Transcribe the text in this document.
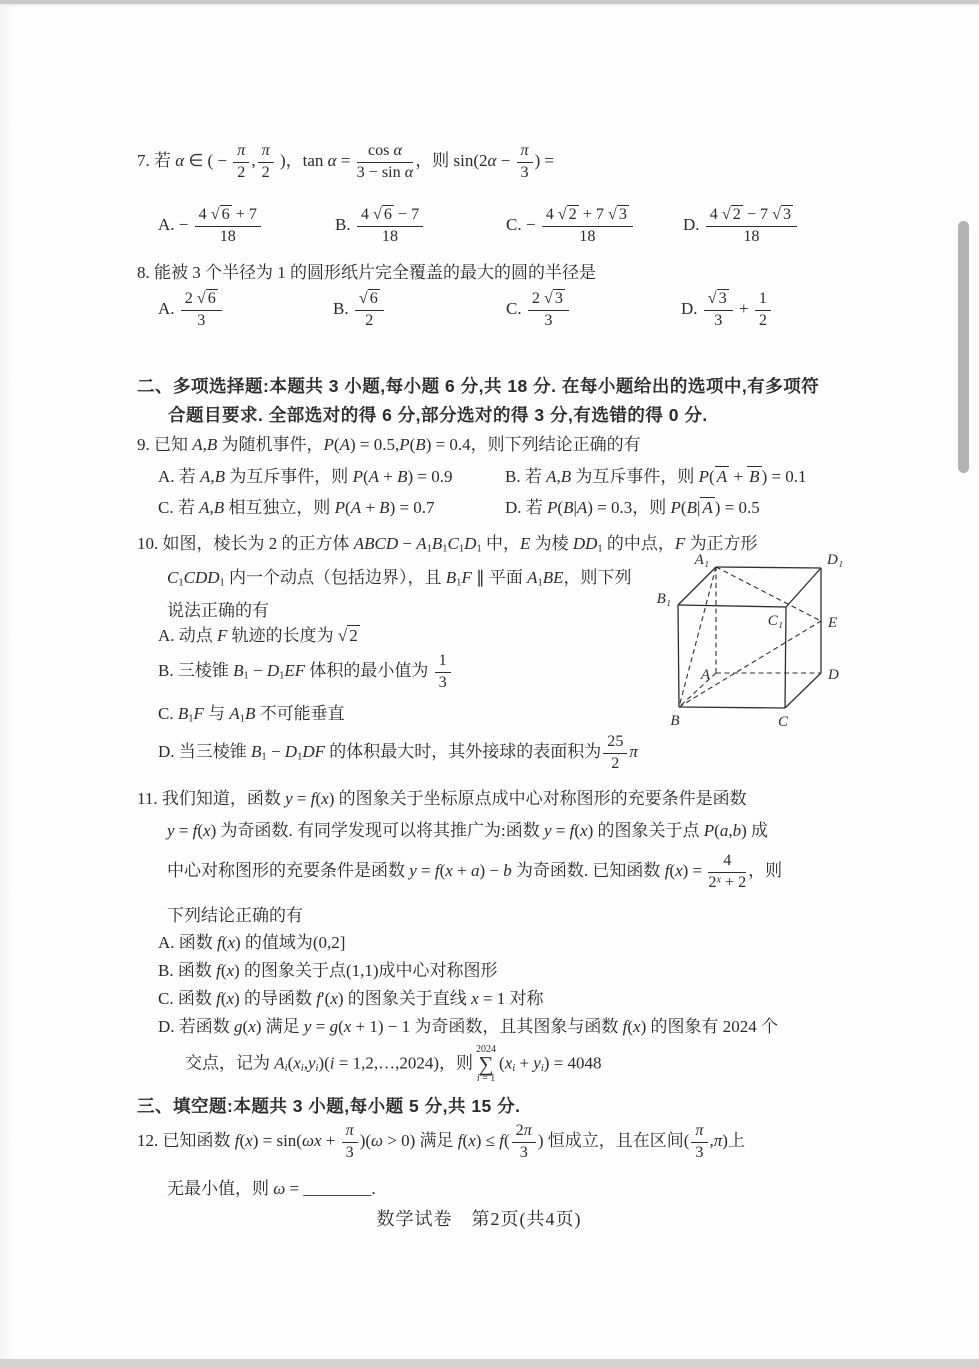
7. 若 α ∈ ( − $\frac{\pi}{2}$ , $\frac{\pi}{2}$ )，$\tan \alpha = \frac{\text{cos α}}{\text{3 − sin α}}$ ，则 $\sin(2\alpha - \frac{\pi}{3}$ ) =
A. − $\frac{4 √ 6 + 7}{18}$	B. $\frac{4 √ 6 - 7}{18}$	C. − $\frac{4 √ 2 + 7 √ 3}{18}$	D. $\frac{4 √ 2 - 7 √ 3}{18}$
8. 能被 3 个半径为 1 的圆形纸片完全覆盖的最大的圆的半径是
A. $\frac{2 √ 6}{3}$	B. $\frac{√ 6}{2}$	C. $\frac{2 √ 3}{3}$	D. $\frac{√ 3}{3} + \frac{1}{2}$
二、多项选择题:本题共 3 小题,每小题 6 分,共 18 分. 在每小题给出的选项中,有多项符
合题目要求. 全部选对的得 6 分,部分选对的得 3 分,有选错的得 0 分.
9. 已知 A,B 为随机事件，P(A) = 0.5,P(B) = 0.4，则下列结论正确的有
A. 若 A,B 为互斥事件，则 P(A + B) = 0.9	B. 若 A,B 为互斥事件，则 P( A + B ) = 0.1
C. 若 A,B 相互独立，则 P(A + B) = 0.7	D. 若 P(B|A) = 0.3，则 P(B| A ) = 0.5
10. 如图，棱长为 2 的正方体 ABCD − $A_1B_1C_1D_1$ 中，E 为棱 $DD_1$ 的中点，F 为正方形
$C_1CDD_1$ 内一个动点（包括边界），且 $B_1F$ ∥ 平面 $A_1BE$，则下列
说法正确的有
A. 动点 F 轨迹的长度为 √ 2
B. 三棱锥 $B_1 - D_1EF$ 体积的最小值为 $\frac{1}{3}$
C. $B_1F$ 与 $A_1B$ 不可能垂直
D. 当三棱锥 $B_1 - D_1DF$ 的体积最大时，其外接球的表面积为 $\frac{25}{2}$ π
A₁	D₁
B₁
C₁	E
A	D
B	C
11. 我们知道，函数 y = f(x) 的图象关于坐标原点成中心对称图形的充要条件是函数
y = f(x) 为奇函数. 有同学发现可以将其推广为:函数 y = f(x) 的图象关于点 P(a,b) 成
中心对称图形的充要条件是函数 y = f(x + a) − b 为奇函数. 已知函数 $f(x) = \frac{4}{2^x + 2}$ ，则
下列结论正确的有
A. 函数 f(x) 的值域为(0,2]
B. 函数 f(x) 的图象关于点(1,1)成中心对称图形
C. 函数 f(x) 的导函数 f′(x) 的图象关于直线 x = 1 对称
D. 若函数 g(x) 满足 y = g(x + 1) − 1 为奇函数，且其图象与函数 f(x) 的图象有 2024 个
交点，记为 $A_i(x_i,y_i)(i$ = 1,2,…,2024)，则
2024
∑
i = 1
$(x_i + y_i) = 4048$
三、填空题:本题共 3 小题,每小题 5 分,共 15 分.
12. 已知函数 $f(x) = \sin(\omega x + \frac{\pi}{3} )(\omega > 0)$ 满足 $f(x) \le f( \frac{2\pi}{3}$ ) 恒成立，且在区间( $\frac{\pi}{3} ,\pi$)上
无最小值，则 ω = ________.
数学试卷　第2页(共4页)
